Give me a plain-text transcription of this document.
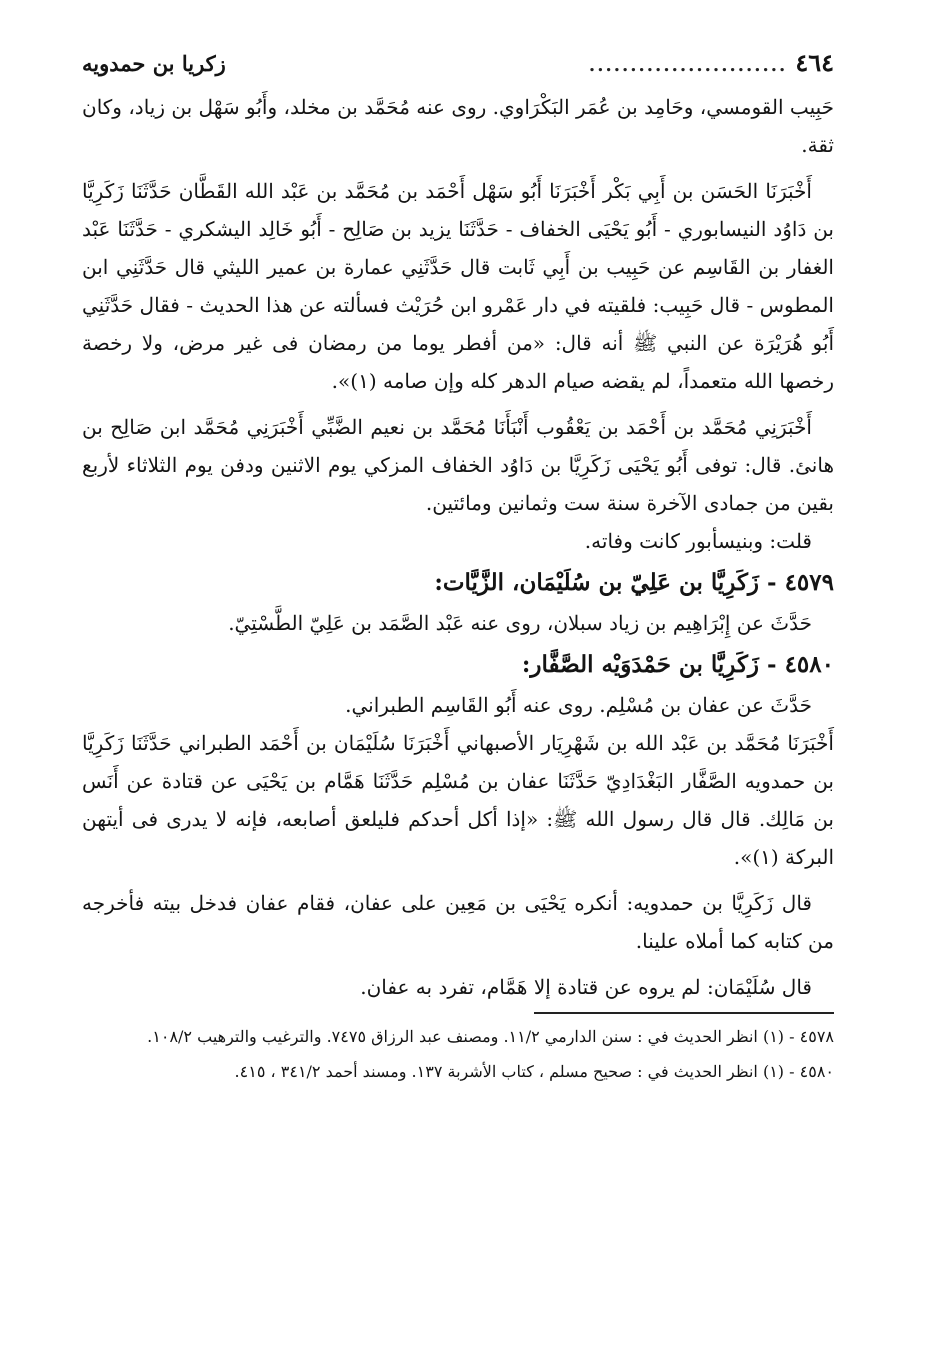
٤٦٤
........................
زكريا بن حمدويه

حَبِيب القومسي، وحَامِد بن عُمَر البَكْرَاوي. روى عنه مُحَمَّد بن مخلد، وأَبُو سَهْل بن زياد، وكان ثقة.

أَخْبَرَنَا الحَسَن بن أَبِي بَكْر أَخْبَرَنَا أَبُو سَهْل أَحْمَد بن مُحَمَّد بن عَبْد الله القَطَّان حَدَّثَنَا زَكَرِيَّا بن دَاوُد النيسابوري - أَبُو يَحْيَى الخفاف - حَدَّثَنَا يزيد بن صَالِح - أَبُو خَالِد اليشكري - حَدَّثَنَا عَبْد الغفار بن القَاسِم عن حَبِيب بن أَبِي ثَابت قال حَدَّثَنِي عمارة بن عمير الليثي قال حَدَّثَنِي ابن المطوس - قال حَبِيب: فلقيته في دار عَمْرو ابن حُرَيْث فسألته عن هذا الحديث - فقال حَدَّثَنِي أَبُو هُرَيْرَة عن النبي ﷺ أنه قال: «من أفطر يوما من رمضان فى غير مرض، ولا رخصة رخصها الله متعمداً، لم يقضه صيام الدهر كله وإن صامه (١)».

أَخْبَرَنِي مُحَمَّد بن أَحْمَد بن يَعْقُوب أَنْبَأَنَا مُحَمَّد بن نعيم الضَّبِّي أَخْبَرَنِي مُحَمَّد ابن صَالِح بن هانئ. قال: توفى أَبُو يَحْيَى زَكَرِيَّا بن دَاوُد الخفاف المزكي يوم الاثنين ودفن يوم الثلاثاء لأربع بقين من جمادى الآخرة سنة ست وثمانين ومائتين.

قلت: وبنيسأبور كانت وفاته.

٤٥٧٩ - زَكَرِيَّا بن عَلِيّ بن سُلَيْمَان، الزَّيَّات:

حَدَّثَ عن إِبْرَاهِيم بن زياد سبلان، روى عنه عَبْد الصَّمَد بن عَلِيّ الطَّسْتِيّ.

٤٥٨٠ - زَكَرِيَّا بن حَمْدَوَيْه الصَّفَّار:

حَدَّثَ عن عفان بن مُسْلِم. روى عنه أَبُو القَاسِم الطبراني.

أَخْبَرَنَا مُحَمَّد بن عَبْد الله بن شَهْرِيَار الأصبهاني أَخْبَرَنَا سُلَيْمَان بن أَحْمَد الطبراني حَدَّثَنَا زَكَرِيَّا بن حمدويه الصَّفَّار البَغْدَادِيّ حَدَّثَنَا عفان بن مُسْلِم حَدَّثَنَا هَمَّام بن يَحْيَى عن قتادة عن أَنَس بن مَالِك. قال قال رسول الله ﷺ: «إذا أكل أحدكم فليلعق أصابعه، فإنه لا يدرى فى أيتهن البركة (١)».

قال زَكَرِيَّا بن حمدويه: أنكره يَحْيَى بن مَعِين على عفان، فقام عفان فدخل بيته فأخرجه من كتابه كما أملاه علينا.

قال سُلَيْمَان: لم يروه عن قتادة إلا هَمَّام، تفرد به عفان.

٤٥٧٨ - (١) انظر الحديث في : سنن الدارمي ١١/٢. ومصنف عبد الرزاق ٧٤٧٥. والترغيب والترهيب ١٠٨/٢.

٤٥٨٠ - (١) انظر الحديث في : صحيح مسلم ، كتاب الأشربة ١٣٧. ومسند أحمد ٣٤١/٢ ، ٤١٥.
